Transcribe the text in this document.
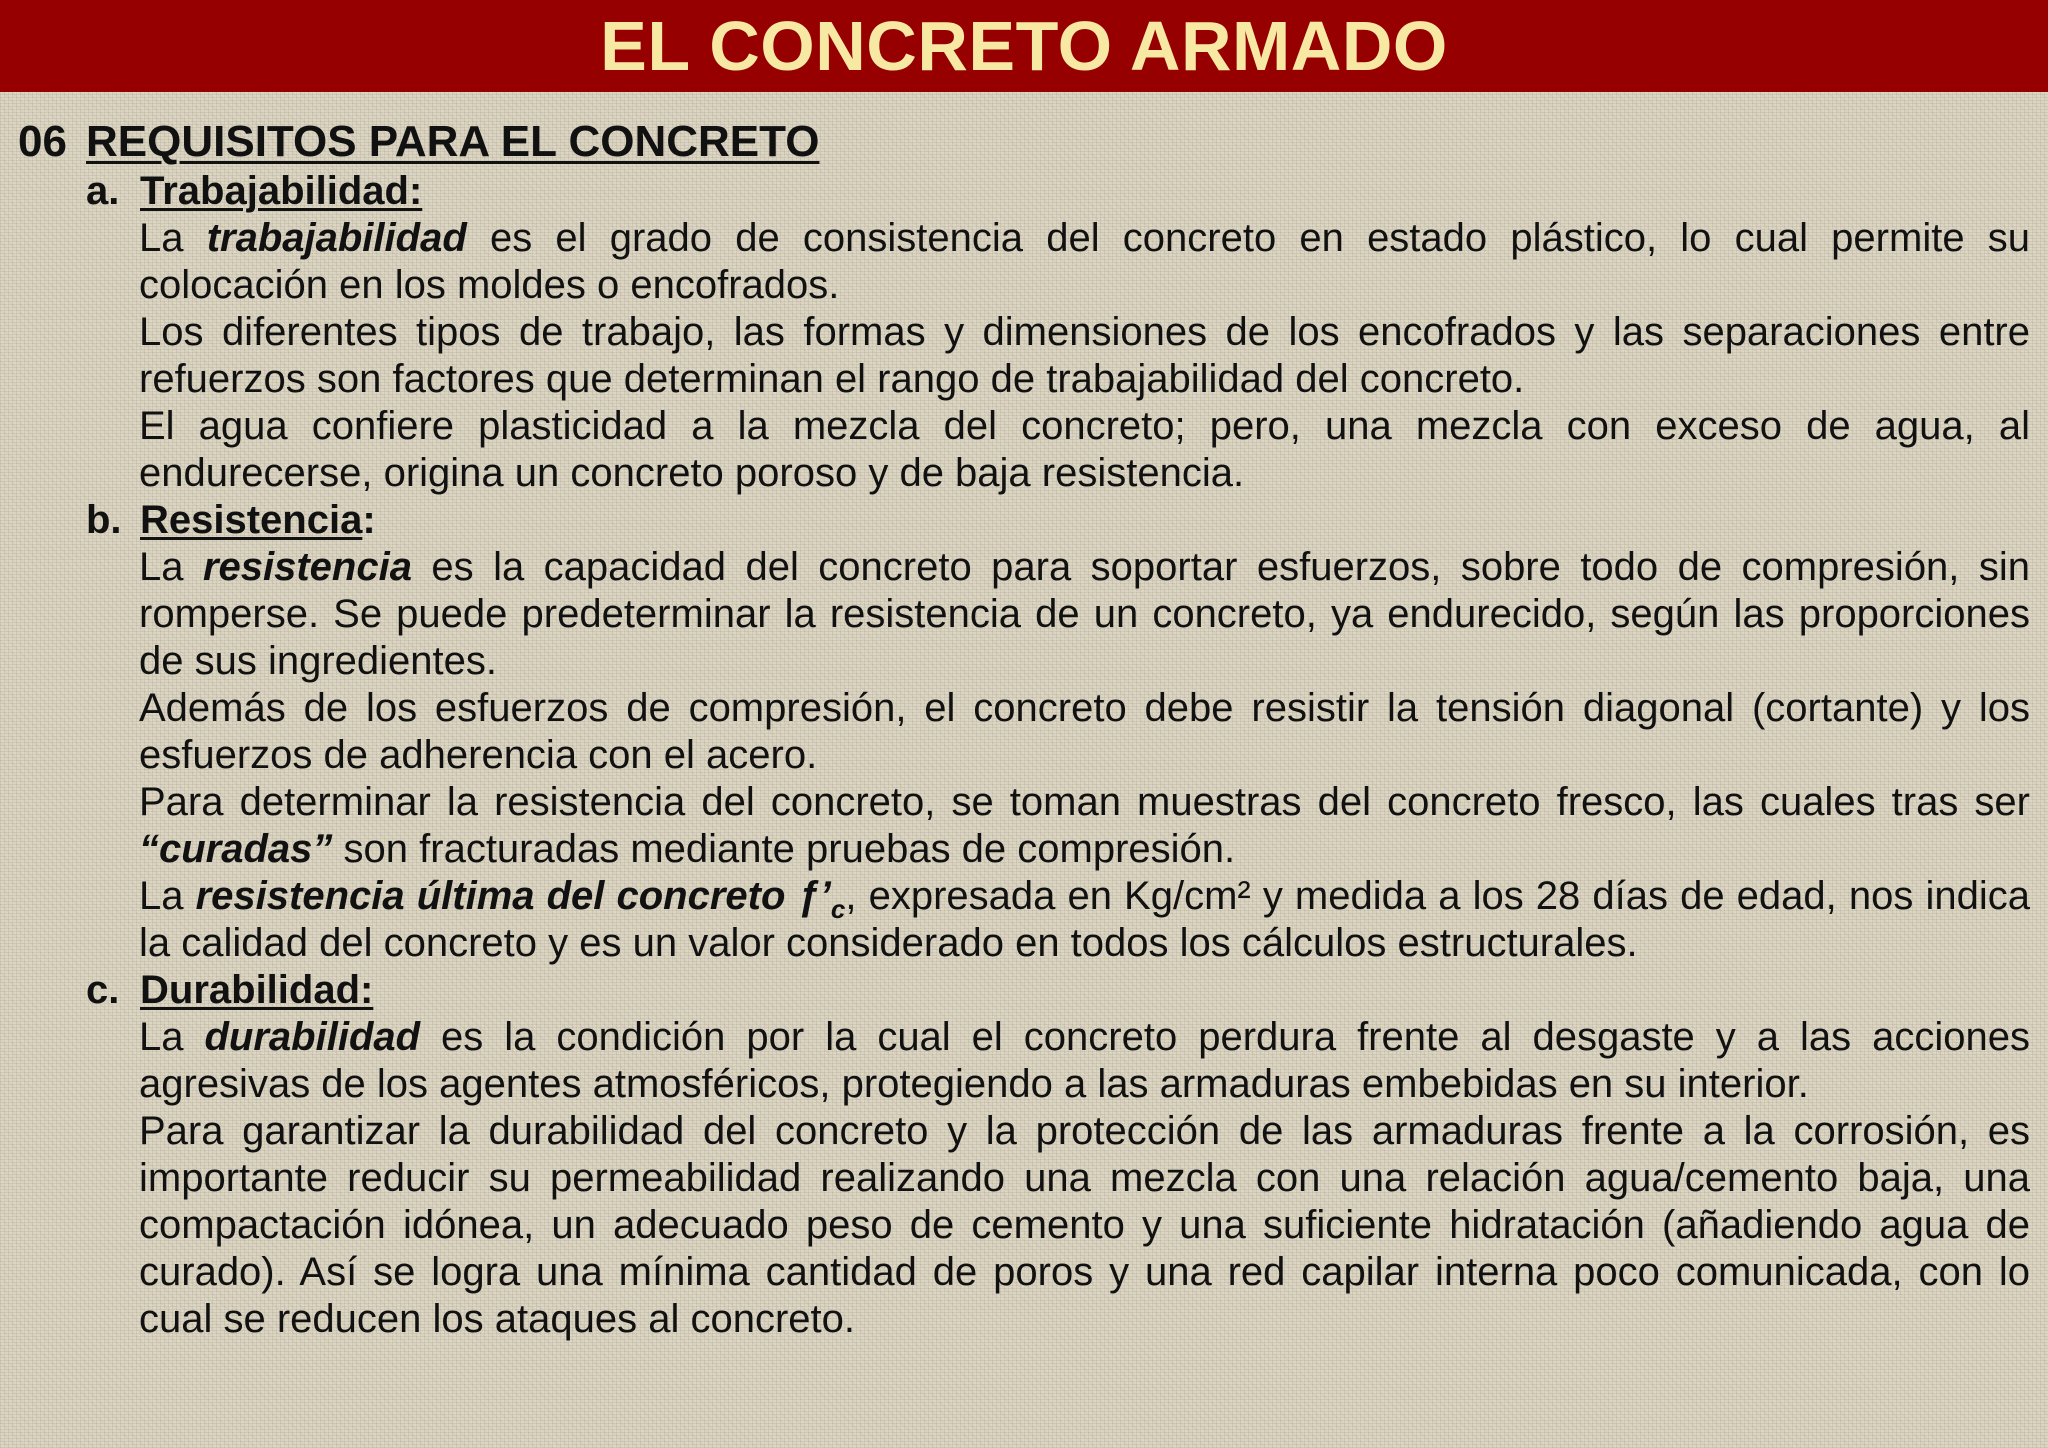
EL CONCRETO ARMADO
06 REQUISITOS PARA EL CONCRETO
a. Trabajabilidad:

La trabajabilidad es el grado de consistencia del concreto en estado plástico, lo cual permite su colocación en los moldes o encofrados.

Los diferentes tipos de trabajo, las formas y dimensiones de los encofrados y las separaciones entre refuerzos son factores que determinan el rango de trabajabilidad del concreto.

El agua confiere plasticidad a la mezcla del concreto; pero, una mezcla con exceso de agua, al endurecerse, origina un concreto poroso y de baja resistencia.

b. Resistencia:

La resistencia es la capacidad del concreto para soportar esfuerzos, sobre todo de compresión, sin romperse. Se puede predeterminar la resistencia de un concreto, ya endurecido, según las proporciones de sus ingredientes.

Además de los esfuerzos de compresión, el concreto debe resistir la tensión diagonal (cortante) y los esfuerzos de adherencia con el acero.

Para determinar la resistencia del concreto, se toman muestras del concreto fresco, las cuales tras ser “curadas” son fracturadas mediante pruebas de compresión.

La resistencia última del concreto $ƒ’_c$, expresada en Kg/cm² y medida a los 28 días de edad, nos indica la calidad del concreto y es un valor considerado en todos los cálculos estructurales.

c. Durabilidad:

La durabilidad es la condición por la cual el concreto perdura frente al desgaste y a las acciones agresivas de los agentes atmosféricos, protegiendo a las armaduras embebidas en su interior.

Para garantizar la durabilidad del concreto y la protección de las armaduras frente a la corrosión, es importante reducir su permeabilidad realizando una mezcla con una relación agua/cemento baja, una compactación idónea, un adecuado peso de cemento y una suficiente hidratación (añadiendo agua de curado). Así se logra una mínima cantidad de poros y una red capilar interna poco comunicada, con lo cual se reducen los ataques al concreto.
